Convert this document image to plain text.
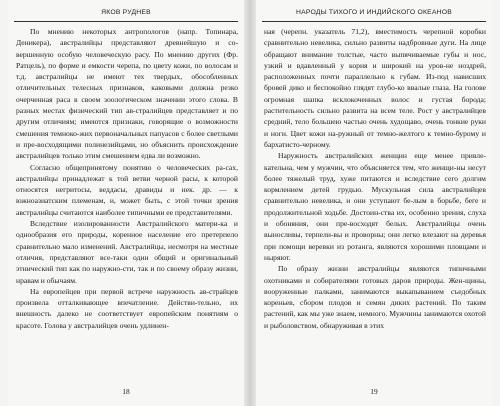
ЯКОВ РУДНЕВ

По мнению некоторых антропологов (напр. Топинара, Деникера), австралийцы представляют древнейшую и со-вершенную особую человеческую расу. По мнению других (Фр. Ратцель), по форме и емкости черепа, по цвету кожи, по волосам и т.д. австралийцы не имеют тех твердых, обособленных отличительных телесных признаков, каковыми должна резко очерченная раса в своем зоологическом значении этого слова. В разных местах физический тип ав-стралийцев представляет и по другим отличиям; имеются признаки, говорящие о возможности смешения темноко-жих первоначальных папуасов с более светлыми и пре-восходящими полинезийцами, но объяснить происхождение австралийцев только этим смешением едва ли возможно.

Согласно общепринятому понятию о человеческих ра-сах, австралийцы принадлежат к той ветви черной расы, к которой относятся негритосы, веддасы, дравиды и нек. др. — к южноазиатским племенам, и, может быть, с этой точки зрения австралийцы считаются наиболее типичными ее представителями.

Вследствие изолированности Австралийского матери-ка и однообразия его природы, коренное население его претерпело сравнительно мало изменений. Австралийцы, несмотря на местные отличия, представляют все-таки один общий и оригинальный этнический тип как по наружно-сти, так и по своему образу жизни, нравам и обычаям.

На европейцев при первой встрече наружность ав-страйцев произвела отталкивающее впечатление. Действи-тельно, их внешность далеко не соответствует европейским понятиям о красоте. Голова у австралийцев очень удлинен-

18
НАРОДЫ ТИХОГО И ИНДИЙСКОГО ОКЕАНОВ

ная (черепн. указатель 71,2), вместимость черепной коробки сравнительно невелика, сильно развиты надбровные дуги. На лице обращают внимание толстые, часто выпячиваемые губы и нос, узкий и вдавленный у корня и широкий на уров-не ноздрей, расположенных почти параллельно к губам. Из-под нависших бровей дико и беспокойно глядят глубо-ко ввалые глаза. На голове огромная шапка всклокоченных волос и густая борода; растительность сильно развита на всем теле. Рост у австралийцев средний, тело большею частью очень худощаво, очень тонкие руки и ноги. Цвет кожи на-ружный от темно-желтого к темно-бурому и бархатисто-черному.

Наружность австралийских женщин еще менее привле-кательна, чем у мужчин, что объясняется тем, что женщи-ны несут более тяжелый труд, хуже питаются и вследствие сего долгим кормлением детей грудью. Мускульная сила австралийцев сравнительно невелика, и они уступают бе-лым в борьбе, беге и продолжительной ходьбе. Достоин-ства их, особенно зрения, слуха и обоняния, они пре-восходят белых. Австралийцы очень выносливы, терпели-вы и проворны; они легко влезают на деревья при помощи веревки из ротанга, являются хорошими пловцами и ныряют.

По образу жизни австралийцы являются типичными охотниками и собирателями готовых даров природы. Жен-щины, вооруженные палками, занимаются выкапыванием съедобных кореньев, сбором плодов и семян диких растений. По таким растений, как мы уже знаем, немного. Мужчины занимаются охотой и рыболовством, обнаруживая в этих

19
